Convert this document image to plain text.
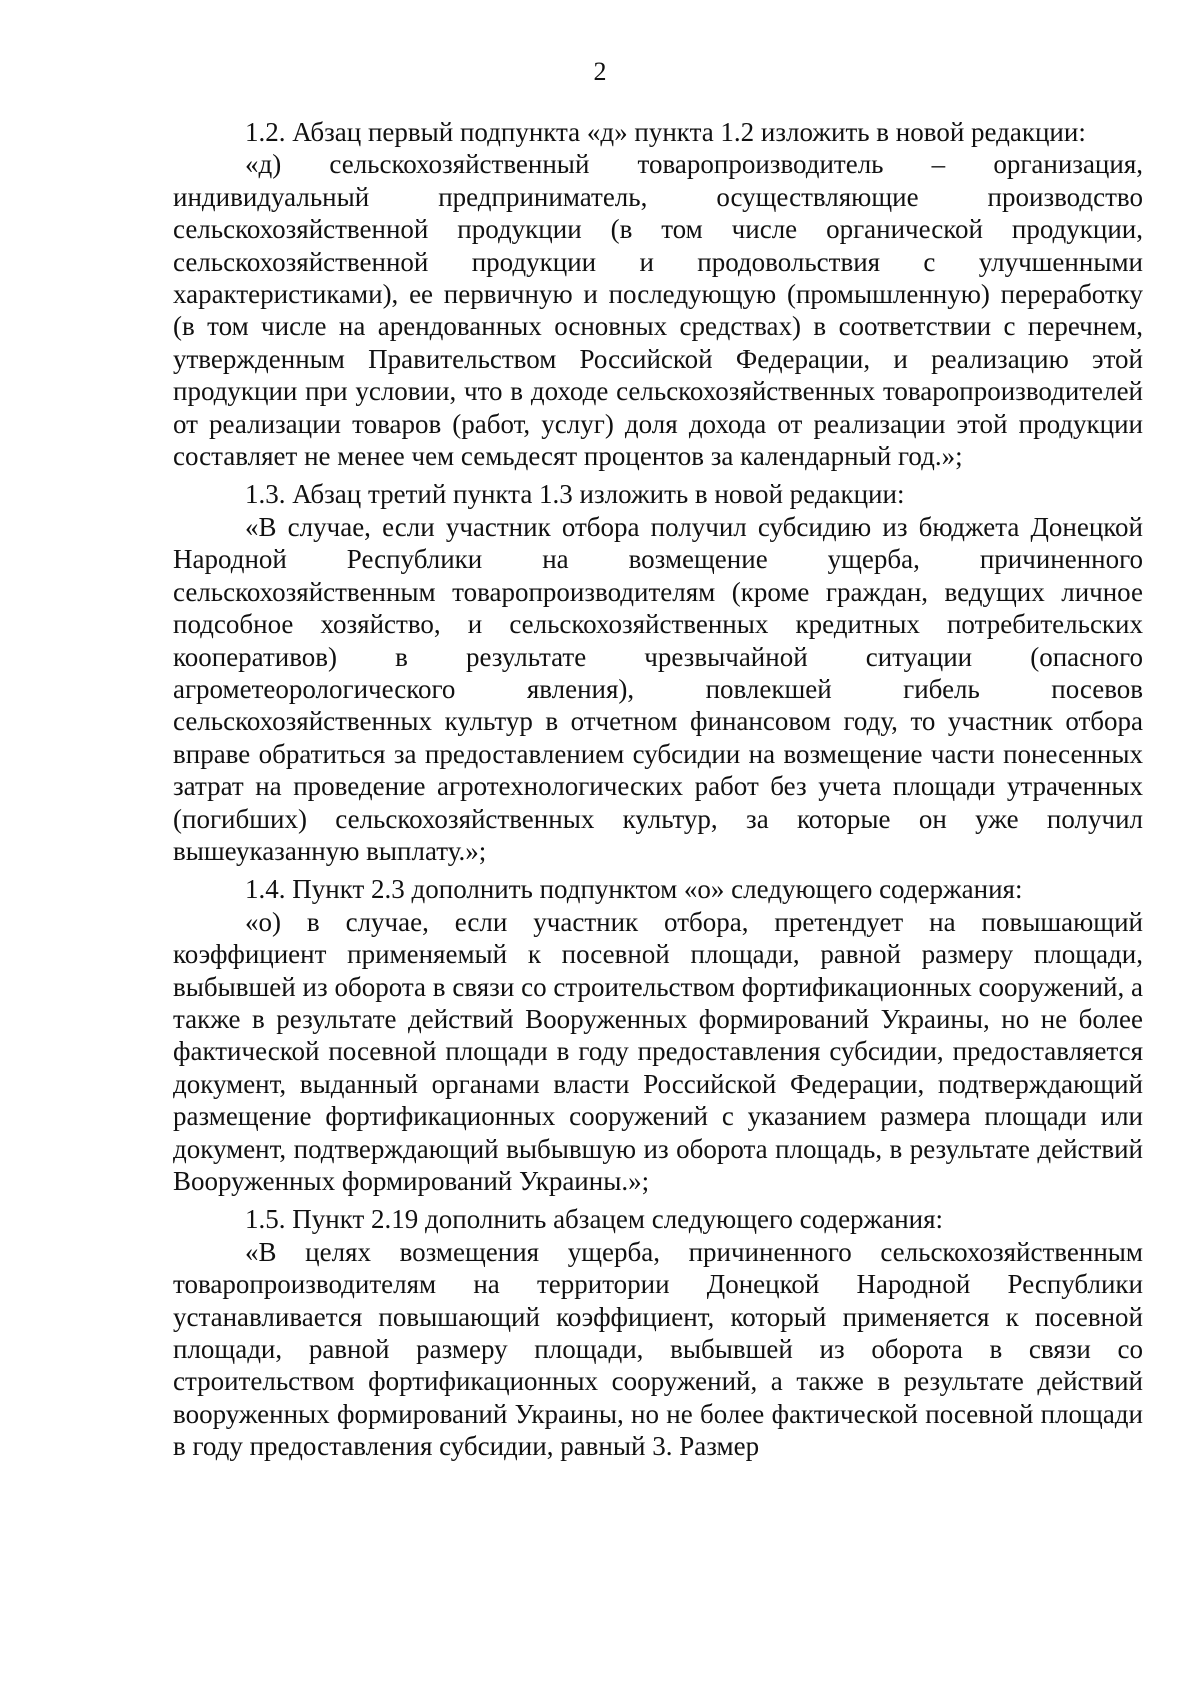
2

1.2. Абзац первый подпункта «д» пункта 1.2 изложить в новой редакции:

«д) сельскохозяйственный товаропроизводитель – организация, индивидуальный предприниматель, осуществляющие производство сельскохозяйственной продукции (в том числе органической продукции, сельскохозяйственной продукции и продовольствия с улучшенными характеристиками), ее первичную и последующую (промышленную) переработку (в том числе на арендованных основных средствах) в соответствии с перечнем, утвержденным Правительством Российской Федерации, и реализацию этой продукции при условии, что в доходе сельскохозяйственных товаропроизводителей от реализации товаров (работ, услуг) доля дохода от реализации этой продукции составляет не менее чем семьдесят процентов за календарный год.»;

1.3. Абзац третий пункта 1.3 изложить в новой редакции:

«В случае, если участник отбора получил субсидию из бюджета Донецкой Народной Республики на возмещение ущерба, причиненного сельскохозяйственным товаропроизводителям (кроме граждан, ведущих личное подсобное хозяйство, и сельскохозяйственных кредитных потребительских кооперативов) в результате чрезвычайной ситуации (опасного агрометеорологического явления), повлекшей гибель посевов сельскохозяйственных культур в отчетном финансовом году, то участник отбора вправе обратиться за предоставлением субсидии на возмещение части понесенных затрат на проведение агротехнологических работ без учета площади утраченных (погибших) сельскохозяйственных культур, за которые он уже получил вышеуказанную выплату.»;

1.4. Пункт 2.3 дополнить подпунктом «о» следующего содержания:

«о) в случае, если участник отбора, претендует на повышающий коэффициент применяемый к посевной площади, равной размеру площади, выбывшей из оборота в связи со строительством фортификационных сооружений, а также в результате действий Вооруженных формирований Украины, но не более фактической посевной площади в году предоставления субсидии, предоставляется документ, выданный органами власти Российской Федерации, подтверждающий размещение фортификационных сооружений с указанием размера площади или документ, подтверждающий выбывшую из оборота площадь, в результате действий Вооруженных формирований Украины.»;

1.5. Пункт 2.19 дополнить абзацем следующего содержания:

«В целях возмещения ущерба, причиненного сельскохозяйственным товаропроизводителям на территории Донецкой Народной Республики устанавливается повышающий коэффициент, который применяется к посевной площади, равной размеру площади, выбывшей из оборота в связи со строительством фортификационных сооружений, а также в результате действий вооруженных формирований Украины, но не более фактической посевной площади в году предоставления субсидии, равный 3. Размер
